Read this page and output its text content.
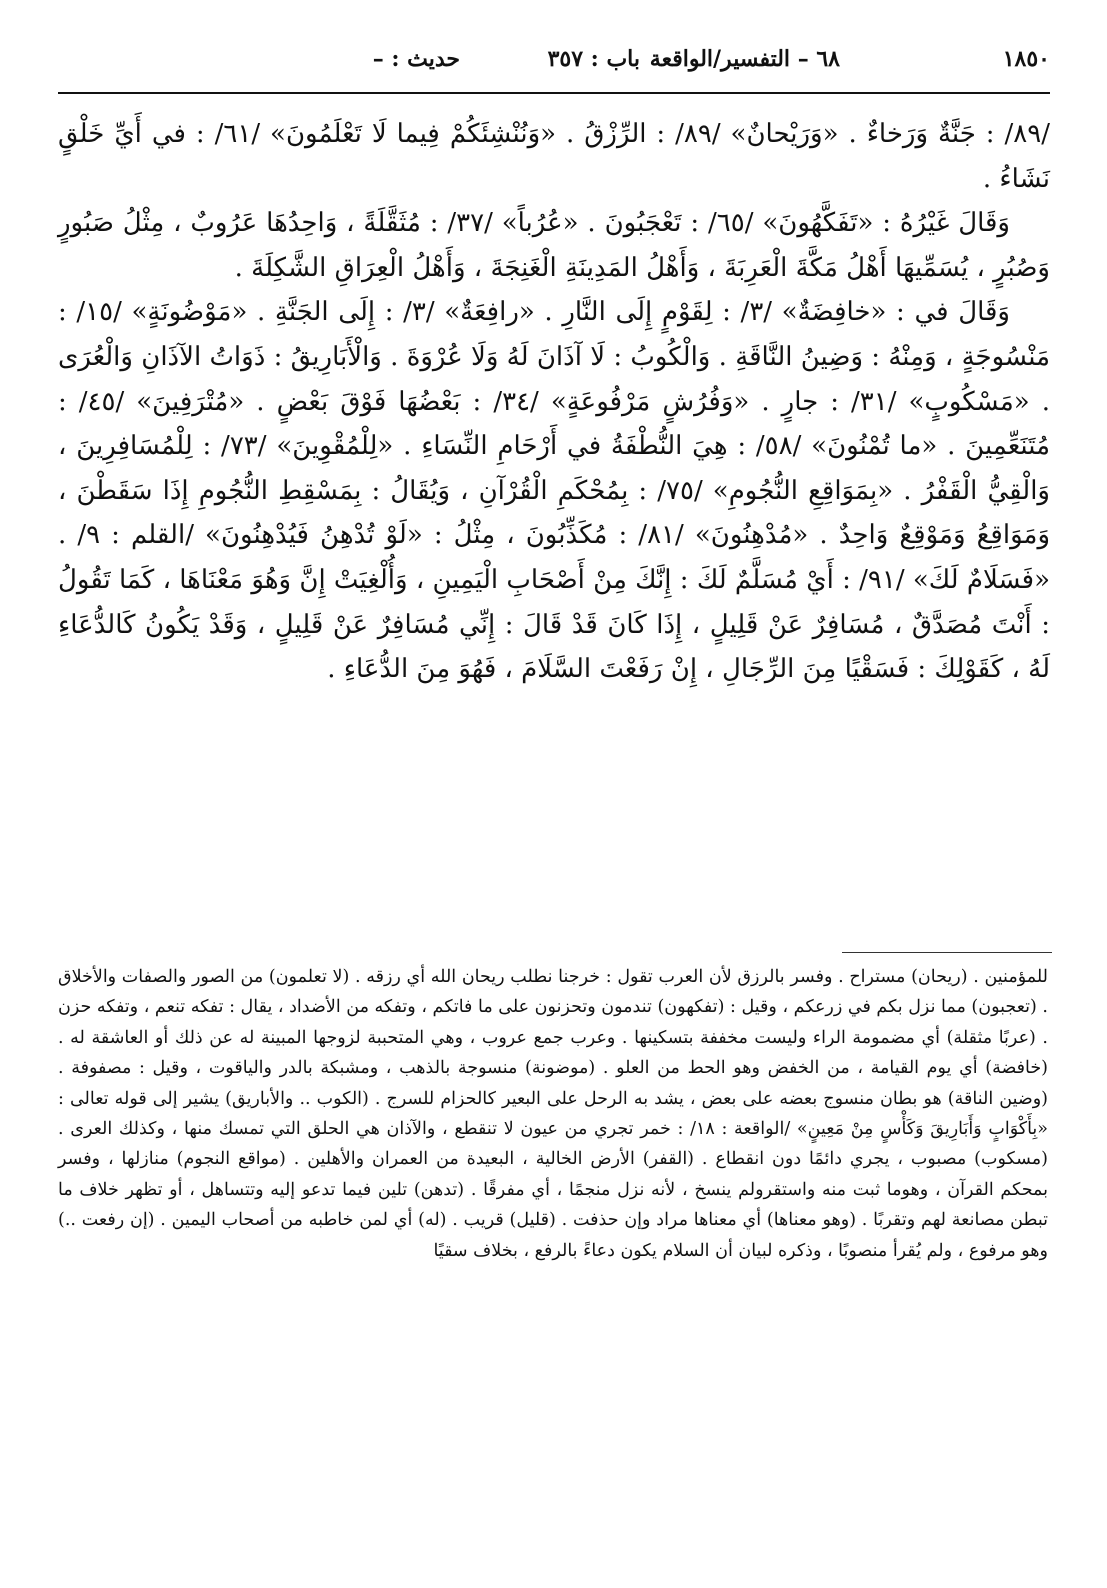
١٨٥٠
٦٨ – التفسير/الواقعة
باب : ٣٥٧
حديث : –

/٨٩/ : جَنَّةٌ وَرَخاءٌ . «وَرَيْحانٌ» /٨٩/ : الرِّزْقُ . «وَنُنْشِئَكُمْ فِيما لَا تَعْلَمُونَ» /٦١/ : في أَيِّ خَلْقٍ نَشَاءُ .

وَقَالَ غَيْرُهُ : «تَفَكَّهُونَ» /٦٥/ : تَعْجَبُونَ . «عُرُباً» /٣٧/ : مُثَقَّلَةً ، وَاحِدُهَا عَرُوبٌ ، مِثْلُ صَبُورٍ وَصُبُرٍ ، يُسَمِّيهَا أَهْلُ مَكَّةَ الْعَرِبَةَ ، وَأَهْلُ المَدِينَةِ الْغَنِجَةَ ، وَأَهْلُ الْعِرَاقِ الشَّكِلَةَ .

وَقَالَ في : «خافِضَةٌ» /٣/ : لِقَوْمٍ إِلَى النَّارِ . «رافِعَةٌ» /٣/ : إِلَى الجَنَّةِ . «مَوْضُونَةٍ» /١٥/ : مَنْسُوجَةٍ ، وَمِنْهُ : وَضِينُ النَّاقَةِ . وَالْكُوبُ : لَا آذَانَ لَهُ وَلَا عُرْوَةَ . وَالْأَبَارِيقُ : ذَوَاتُ الآذَانِ وَالْعُرَى . «مَسْكُوبٍ» /٣١/ : جارٍ . «وَفُرُشٍ مَرْفُوعَةٍ» /٣٤/ : بَعْضُهَا فَوْقَ بَعْضٍ . «مُتْرَفِينَ» /٤٥/ : مُتَنَعِّمِينَ . «ما تُمْنُونَ» /٥٨/ : هِيَ النُّطْفَةُ في أَرْحَامِ النِّسَاءِ . «لِلْمُقْوِينَ» /٧٣/ : لِلْمُسَافِرِينَ ، وَالْقِيُّ الْقَفْرُ . «بِمَوَاقِعِ النُّجُومِ» /٧٥/ : بِمُحْكَمِ الْقُرْآنِ ، وَيُقَالُ : بِمَسْقِطِ النُّجُومِ إِذَا سَقَطْنَ ، وَمَوَاقِعُ وَمَوْقِعٌ وَاحِدٌ . «مُدْهِنُونَ» /٨١/ : مُكَذِّبُونَ ، مِثْلُ : «لَوْ تُدْهِنُ فَيُدْهِنُونَ» /القلم : ٩/ . «فَسَلَامٌ لَكَ» /٩١/ : أَيْ مُسَلَّمٌ لَكَ : إِنَّكَ مِنْ أَصْحَابِ الْيَمِينِ ، وَأُلْغِيَتْ إِنَّ وَهُوَ مَعْنَاهَا ، كَمَا تَقُولُ : أَنْتَ مُصَدَّقٌ ، مُسَافِرٌ عَنْ قَلِيلٍ ، إِذَا كَانَ قَدْ قَالَ : إِنِّي مُسَافِرٌ عَنْ قَلِيلٍ ، وَقَدْ يَكُونُ كَالدُّعَاءِ لَهُ ، كَقَوْلِكَ : فَسَقْيًا مِنَ الرِّجَالِ ، إِنْ رَفَعْتَ السَّلَامَ ، فَهُوَ مِنَ الدُّعَاءِ .

للمؤمنين . (ريحان) مستراح . وفسر بالرزق لأن العرب تقول : خرجنا نطلب ريحان الله أي رزقه . (لا تعلمون) من الصور والصفات والأخلاق . (تعجبون) مما نزل بكم في زرعكم ، وقيل : (تفكهون) تندمون وتحزنون على ما فاتكم ، وتفكه من الأضداد ، يقال : تفكه تنعم ، وتفكه حزن . (عربًا مثقلة) أي مضمومة الراء وليست مخففة بتسكينها . وعرب جمع عروب ، وهي المتحببة لزوجها المبينة له عن ذلك أو العاشقة له . (خافضة) أي يوم القيامة ، من الخفض وهو الحط من العلو . (موضونة) منسوجة بالذهب ، ومشبكة بالدر والياقوت ، وقيل : مصفوفة . (وضين الناقة) هو بطان منسوج بعضه على بعض ، يشد به الرحل على البعير كالحزام للسرج . (الكوب .. والأباريق) يشير إلى قوله تعالى : «بِأَكْوَابٍ وَأَبَارِيقَ وَكَأْسٍ مِنْ مَعِينٍ» /الواقعة : ١٨/ : خمر تجري من عيون لا تنقطع ، والآذان هي الحلق التي تمسك منها ، وكذلك العرى . (مسكوب) مصبوب ، يجري دائمًا دون انقطاع . (القفر) الأرض الخالية ، البعيدة من العمران والأهلين . (مواقع النجوم) منازلها ، وفسر بمحكم القرآن ، وهوما ثبت منه واستقرولم ينسخ ، لأنه نزل منجمًا ، أي مفرقًا . (تدهن) تلين فيما تدعو إليه وتتساهل ، أو تظهر خلاف ما تبطن مصانعة لهم وتقربًا . (وهو معناها) أي معناها مراد وإن حذفت . (قليل) قريب . (له) أي لمن خاطبه من أصحاب اليمين . (إن رفعت ..) وهو مرفوع ، ولم يُقرأ منصوبًا ، وذكره لبيان أن السلام يكون دعاءً بالرفع ، بخلاف سقيًا
